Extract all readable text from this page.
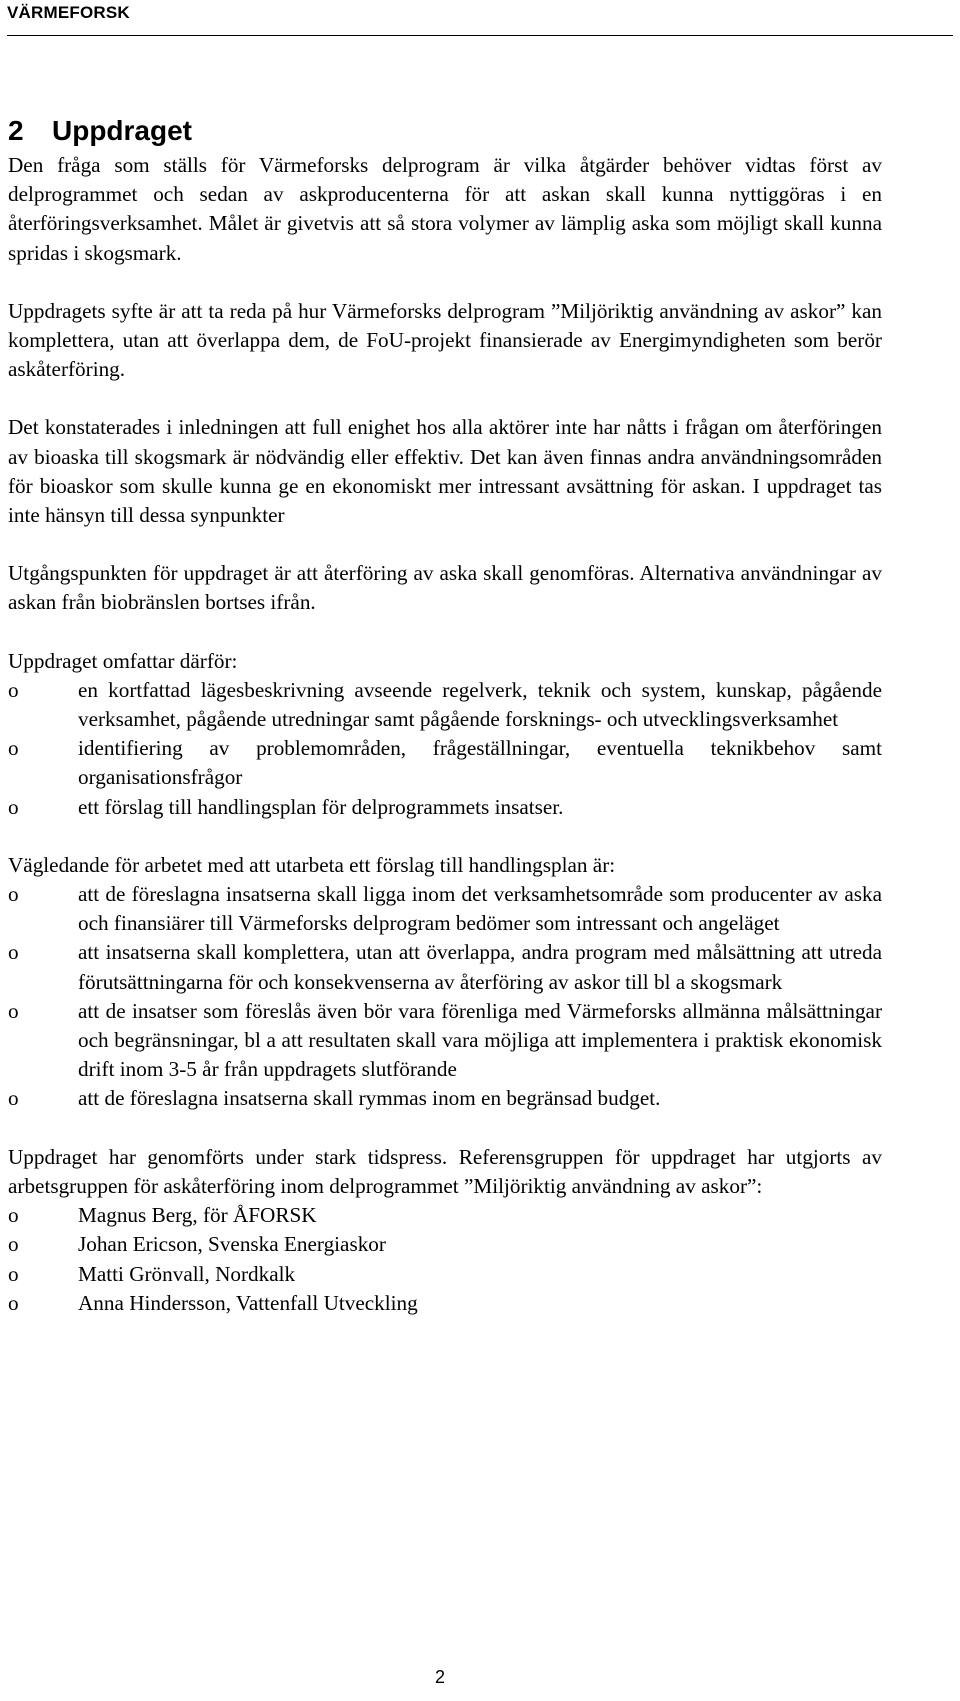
VÄRMEFORSK
2 Uppdraget

Den fråga som ställs för Värmeforsks delprogram är vilka åtgärder behöver vidtas först av delprogrammet och sedan av askproducenterna för att askan skall kunna nyttiggöras i en återföringsverksamhet. Målet är givetvis att så stora volymer av lämplig aska som möjligt skall kunna spridas i skogsmark.

Uppdragets syfte är att ta reda på hur Värmeforsks delprogram ”Miljöriktig användning av askor” kan komplettera, utan att överlappa dem, de FoU-projekt finansierade av Energimyndigheten som berör askåterföring.

Det konstaterades i inledningen att full enighet hos alla aktörer inte har nåtts i frågan om återföringen av bioaska till skogsmark är nödvändig eller effektiv. Det kan även finnas andra användningsområden för bioaskor som skulle kunna ge en ekonomiskt mer intressant avsättning för askan. I uppdraget tas inte hänsyn till dessa synpunkter

Utgångspunkten för uppdraget är att återföring av aska skall genomföras. Alternativa användningar av askan från biobränslen bortses ifrån.

Uppdraget omfattar därför:

o	en kortfattad lägesbeskrivning avseende regelverk, teknik och system, kunskap, pågående verksamhet, pågående utredningar samt pågående forsknings- och utvecklingsverksamhet
o	identifiering av problemområden, frågeställningar, eventuella teknikbehov samt organisationsfrågor
o	ett förslag till handlingsplan för delprogrammets insatser.

Vägledande för arbetet med att utarbeta ett förslag till handlingsplan är:

o	att de föreslagna insatserna skall ligga inom det verksamhetsområde som producenter av aska och finansiärer till Värmeforsks delprogram bedömer som intressant och angeläget
o	att insatserna skall komplettera, utan att överlappa, andra program med målsättning att utreda förutsättningarna för och konsekvenserna av återföring av askor till bl a skogsmark
o	att de insatser som föreslås även bör vara förenliga med Värmeforsks allmänna målsättningar och begränsningar, bl a att resultaten skall vara möjliga att implementera i praktisk ekonomisk drift inom 3-5 år från uppdragets slutförande
o	att de föreslagna insatserna skall rymmas inom en begränsad budget.

Uppdraget har genomförts under stark tidspress. Referensgruppen för uppdraget har utgjorts av arbetsgruppen för askåterföring inom delprogrammet ”Miljöriktig användning av askor”:

o	Magnus Berg, för ÅFORSK
o	Johan Ericson, Svenska Energiaskor
o	Matti Grönvall, Nordkalk
o	Anna Hindersson, Vattenfall Utveckling
2
